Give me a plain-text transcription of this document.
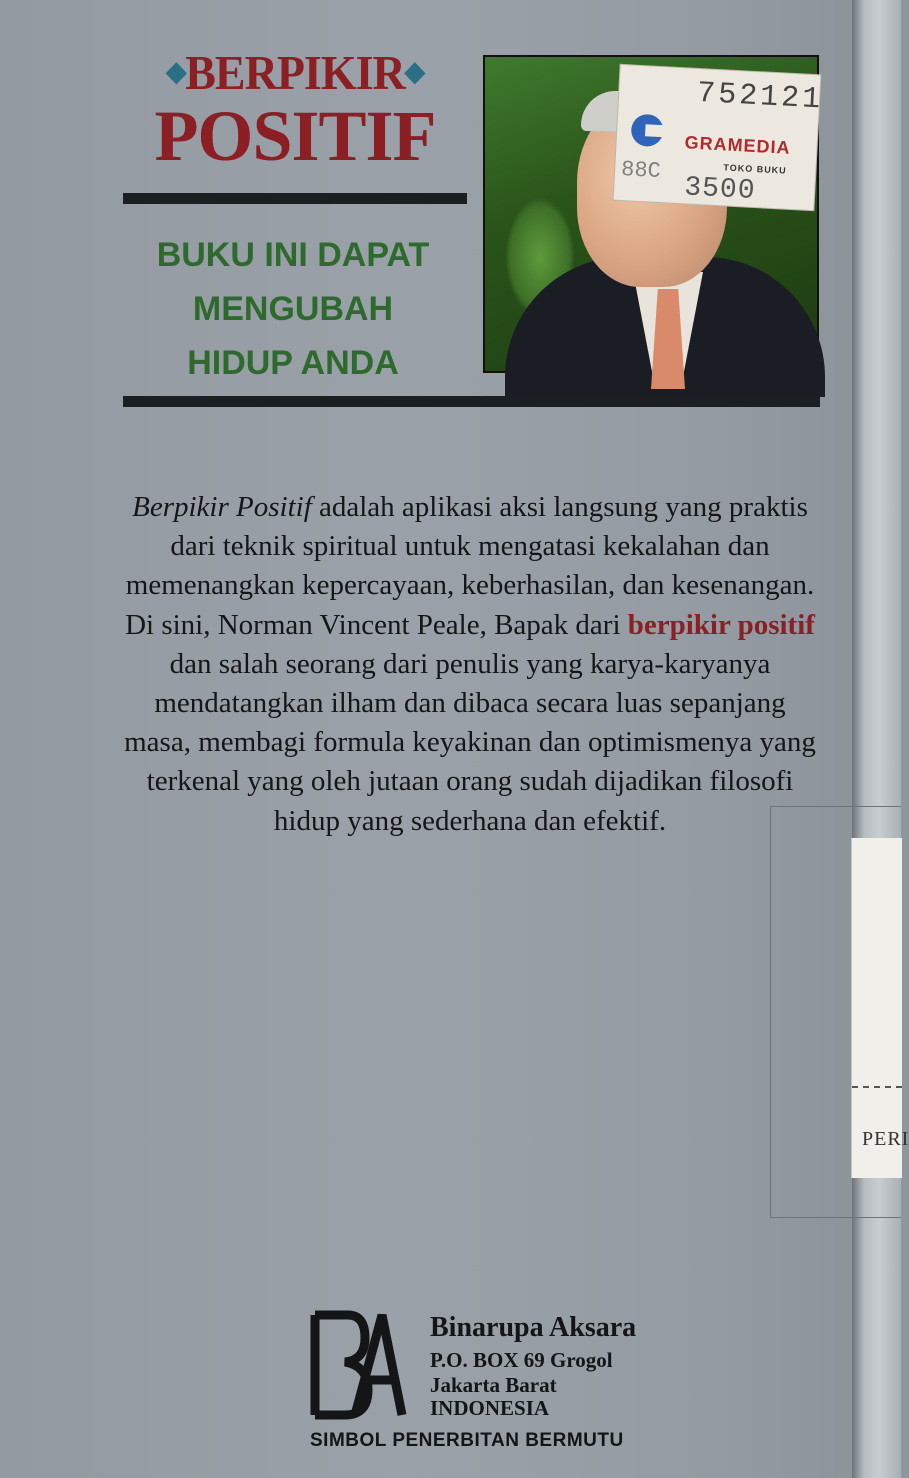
◆BERPIKIR◆
POSITIF
BUKU INI DAPAT
MENGUBAH
HIDUP ANDA
752121
GRAMEDIA
TOKO BUKU
88C
3500

Berpikir Positif adalah aplikasi aksi langsung yang praktis dari teknik spiritual untuk mengatasi kekalahan dan memenangkan kepercayaan, keberhasilan, dan kesenangan. Di sini, Norman Vincent Peale, Bapak dari berpikir positif dan salah seorang dari penulis yang karya-karyanya mendatangkan ilham dan dibaca secara luas sepanjang masa, membagi formula keyakinan dan optimismenya yang terkenal yang oleh jutaan orang sudah dijadikan filosofi hidup yang sederhana dan efektif.

PERI
Binarupa Aksara
P.O. BOX 69 Grogol
Jakarta Barat
INDONESIA
SIMBOL PENERBITAN BERMUTU
